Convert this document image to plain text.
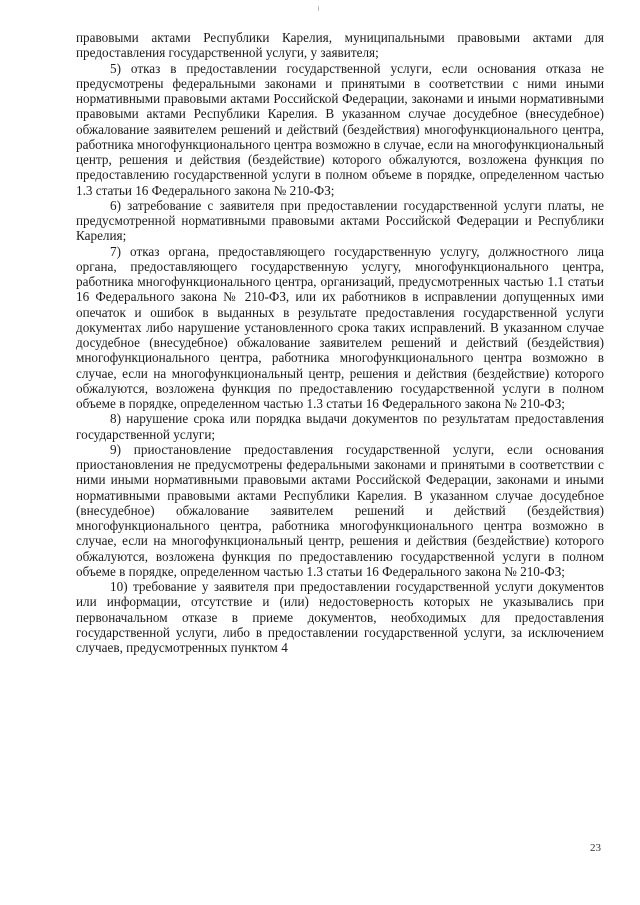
правовыми актами Республики Карелия, муниципальными правовыми актами для предоставления государственной услуги, у заявителя;

5) отказ в предоставлении государственной услуги, если основания отказа не предусмотрены федеральными законами и принятыми в соответствии с ними иными нормативными правовыми актами Российской Федерации, законами и иными нормативными правовыми актами Республики Карелия. В указанном случае досудебное (внесудебное) обжалование заявителем решений и действий (бездействия) многофункционального центра, работника многофункционального центра возможно в случае, если на многофункциональный центр, решения и действия (бездействие) которого обжалуются, возложена функция по предоставлению государственной услуги в полном объеме в порядке, определенном частью 1.3 статьи 16 Федерального закона № 210-ФЗ;

6) затребование с заявителя при предоставлении государственной услуги платы, не предусмотренной нормативными правовыми актами Российской Федерации и Республики Карелия;

7) отказ органа, предоставляющего государственную услугу, должностного лица органа, предоставляющего государственную услугу, многофункционального центра, работника многофункционального центра, организаций, предусмотренных частью 1.1 статьи 16 Федерального закона № 210-ФЗ, или их работников в исправлении допущенных ими опечаток и ошибок в выданных в результате предоставления государственной услуги документах либо нарушение установленного срока таких исправлений. В указанном случае досудебное (внесудебное) обжалование заявителем решений и действий (бездействия) многофункционального центра, работника многофункционального центра возможно в случае, если на многофункциональный центр, решения и действия (бездействие) которого обжалуются, возложена функция по предоставлению государственной услуги в полном объеме в порядке, определенном частью 1.3 статьи 16 Федерального закона № 210-ФЗ;

8) нарушение срока или порядка выдачи документов по результатам предоставления государственной услуги;

9) приостановление предоставления государственной услуги, если основания приостановления не предусмотрены федеральными законами и принятыми в соответствии с ними иными нормативными правовыми актами Российской Федерации, законами и иными нормативными правовыми актами Республики Карелия. В указанном случае досудебное (внесудебное) обжалование заявителем решений и действий (бездействия) многофункционального центра, работника многофункционального центра возможно в случае, если на многофункциональный центр, решения и действия (бездействие) которого обжалуются, возложена функция по предоставлению государственной услуги в полном объеме в порядке, определенном частью 1.3 статьи 16 Федерального закона № 210-ФЗ;

10) требование у заявителя при предоставлении государственной услуги документов или информации, отсутствие и (или) недостоверность которых не указывались при первоначальном отказе в приеме документов, необходимых для предоставления государственной услуги, либо в предоставлении государственной услуги, за исключением случаев, предусмотренных пунктом 4

23
